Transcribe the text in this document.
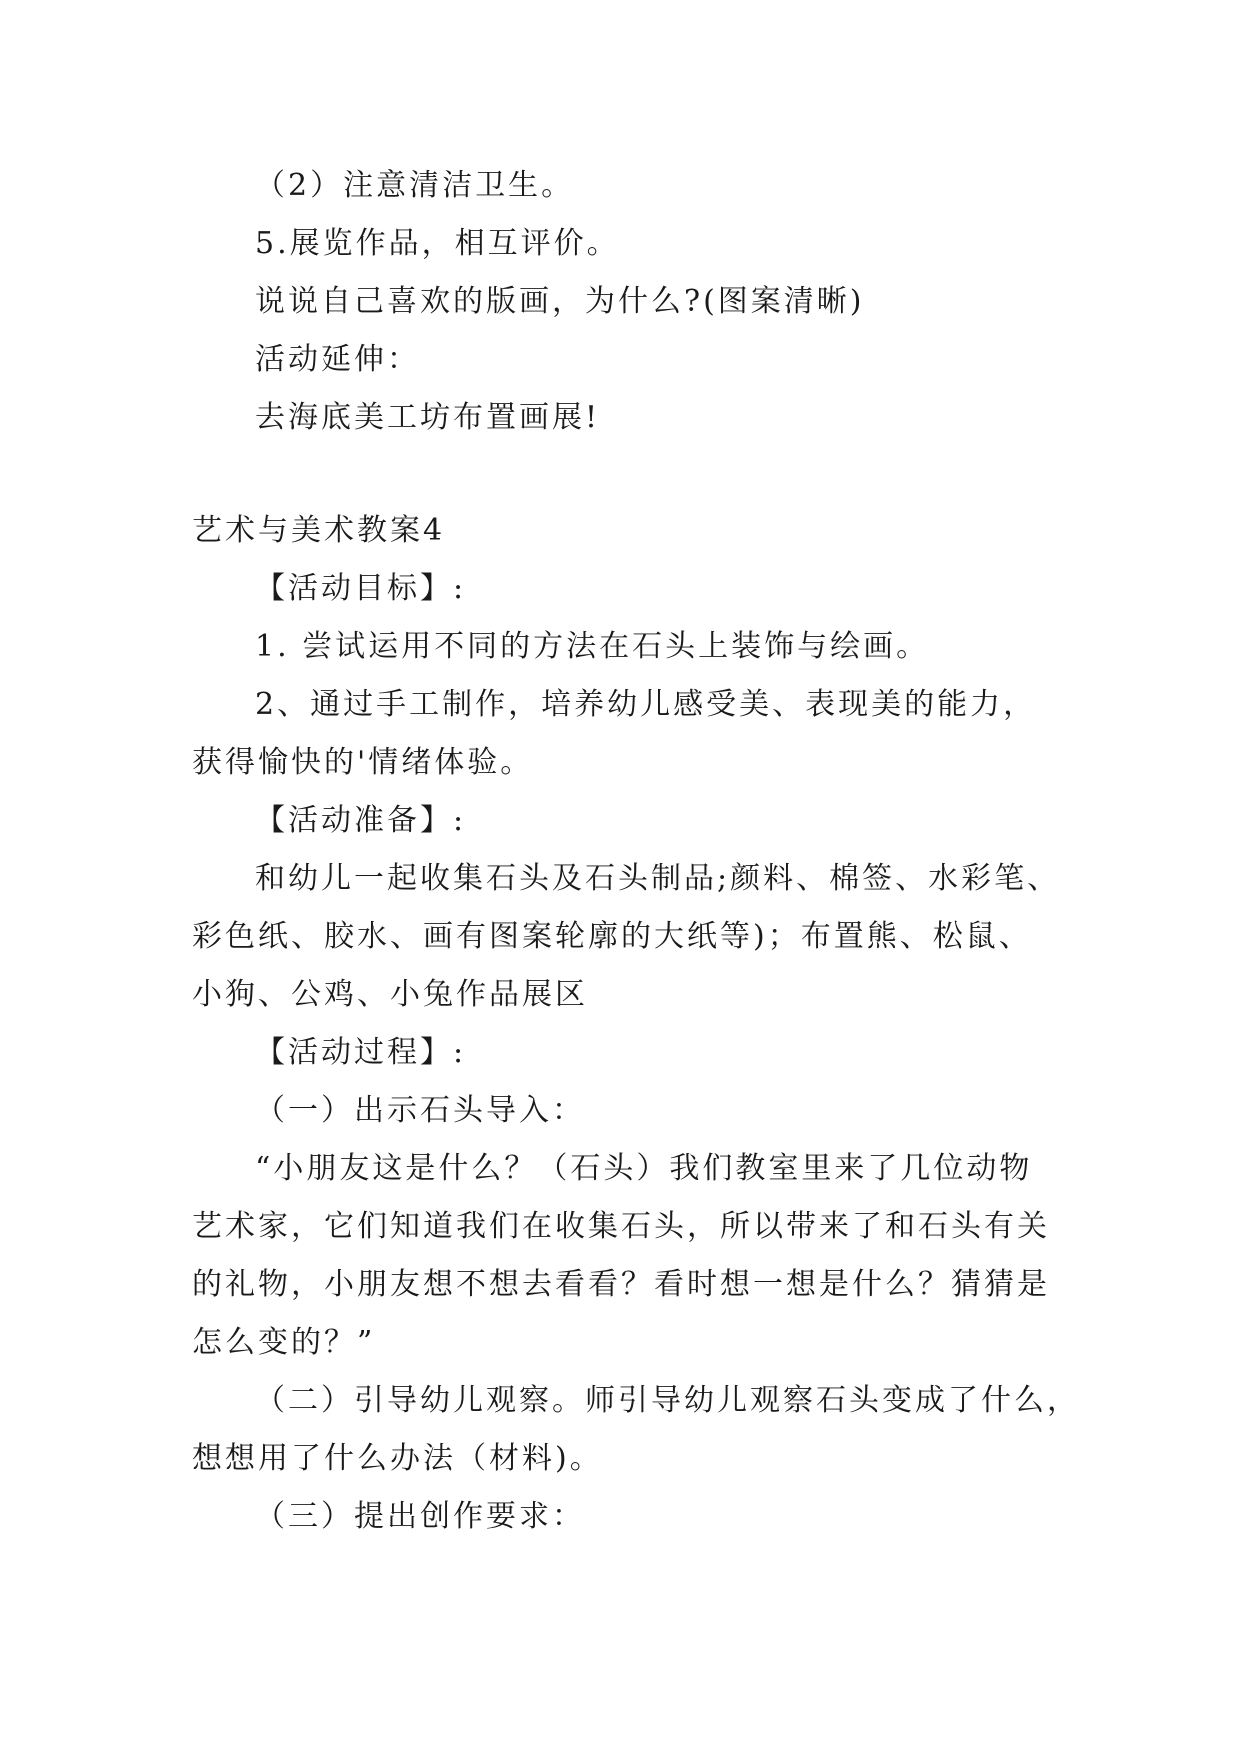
（2）注意清洁卫生。
5.展览作品，相互评价。
说说自己喜欢的版画，为什么?(图案清晰)
活动延伸：
去海底美工坊布置画展!
艺术与美术教案4
【活动目标】:
1. 尝试运用不同的方法在石头上装饰与绘画。
2、通过手工制作，培养幼儿感受美、表现美的能力，
获得愉快的'情绪体验。
【活动准备】:
和幼儿一起收集石头及石头制品;颜料、棉签、水彩笔、
彩色纸、胶水、画有图案轮廓的大纸等)；布置熊、松鼠、
小狗、公鸡、小兔作品展区
【活动过程】:
（一）出示石头导入：
“小朋友这是什么？（石头）我们教室里来了几位动物
艺术家，它们知道我们在收集石头，所以带来了和石头有关
的礼物，小朋友想不想去看看？看时想一想是什么？猜猜是
怎么变的？”
（二）引导幼儿观察。师引导幼儿观察石头变成了什么，
想想用了什么办法（材料)。
（三）提出创作要求：
